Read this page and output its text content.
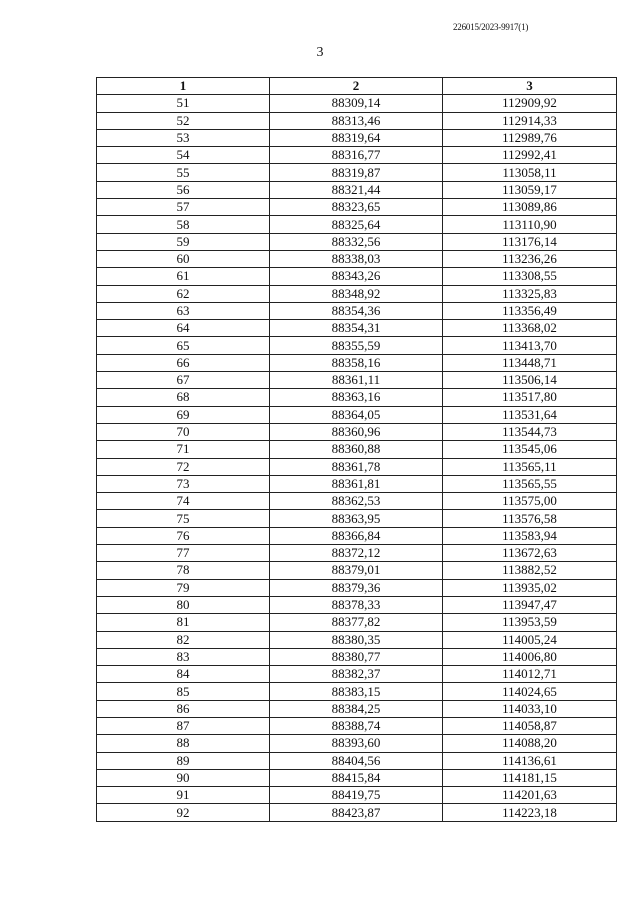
226015/2023-9917(1)
3
1	2	3
51	88309,14	112909,92
52	88313,46	112914,33
53	88319,64	112989,76
54	88316,77	112992,41
55	88319,87	113058,11
56	88321,44	113059,17
57	88323,65	113089,86
58	88325,64	113110,90
59	88332,56	113176,14
60	88338,03	113236,26
61	88343,26	113308,55
62	88348,92	113325,83
63	88354,36	113356,49
64	88354,31	113368,02
65	88355,59	113413,70
66	88358,16	113448,71
67	88361,11	113506,14
68	88363,16	113517,80
69	88364,05	113531,64
70	88360,96	113544,73
71	88360,88	113545,06
72	88361,78	113565,11
73	88361,81	113565,55
74	88362,53	113575,00
75	88363,95	113576,58
76	88366,84	113583,94
77	88372,12	113672,63
78	88379,01	113882,52
79	88379,36	113935,02
80	88378,33	113947,47
81	88377,82	113953,59
82	88380,35	114005,24
83	88380,77	114006,80
84	88382,37	114012,71
85	88383,15	114024,65
86	88384,25	114033,10
87	88388,74	114058,87
88	88393,60	114088,20
89	88404,56	114136,61
90	88415,84	114181,15
91	88419,75	114201,63
92	88423,87	114223,18
